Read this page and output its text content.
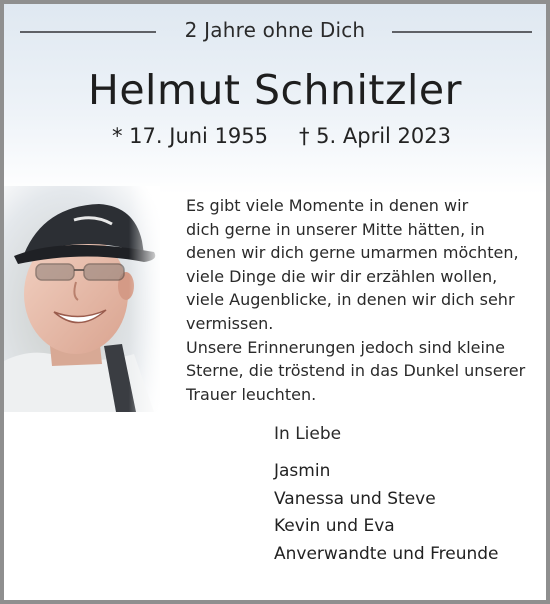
2 Jahre ohne Dich
Helmut Schnitzler
* 17. Juni 1955 † 5. April 2023
Es gibt viele Momente in denen wir
dich gerne in unserer Mitte hätten, in
denen wir dich gerne umarmen möchten,
viele Dinge die wir dir erzählen wollen,
viele Augenblicke, in denen wir dich sehr
vermissen.
Unsere Erinnerungen jedoch sind kleine
Sterne, die tröstend in das Dunkel unserer
Trauer leuchten.
In Liebe
Jasmin
Vanessa und Steve
Kevin und Eva
Anverwandte und Freunde
